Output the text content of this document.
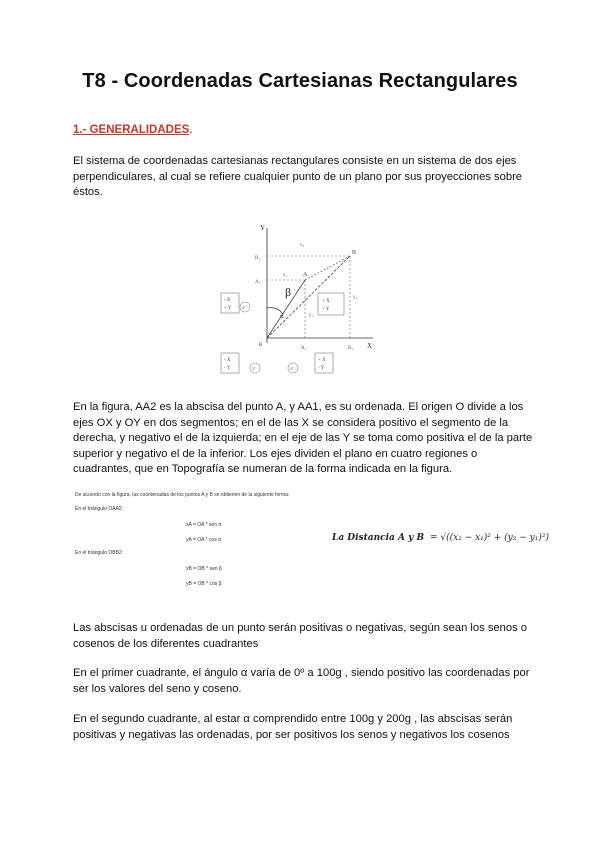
T8 - Coordenadas Cartesianas Rectangulares
1.- GENERALIDADES.
El sistema de coordenadas cartesianas rectangulares consiste en un sistema de dos ejes perpendiculares, al cual se refiere cualquier punto de un plano por sus proyecciones sobre éstos.
Y
X
β
α
B₁
A₁
A₂	B₂
B
A
B
x₂
x₁
y₂
y₁
+ X
+ Y
- X
+ Y	2°
- X
- Y	3°
+ X
- Y
4°
En la figura, AA2 es la abscisa del punto A, y AA1, es su ordenada. El origen O divide a los ejes OX y OY en dos segmentos; en el de las X se considera positivo el segmento de la derecha, y negativo el de la izquierda; en el eje de las Y se toma como positiva el de la parte superior y negativo el de la inferior. Los ejes dividen el plano en cuatro regiones o cuadrantes, que en Topografía se numeran de la forma indicada en la figura.
De acuerdo con la figura, las coordenadas de los puntos A y B se obtienen de la siguiente forma:
En el triángulo OAA2:
xA = OA * sen α
yA = OA * cos α
En el triángulo OBB2:
xB = OB * sen β
yB = OB * cos β
La Distancia A y B = √((x₂ − x₁)² + (y₂ − y₁)²)
Las abscisas u ordenadas de un punto serán positivas o negativas, según sean los senos o cosenos de los diferentes cuadrantes
En el primer cuadrante, el ángulo α varía de 0º a 100g , siendo positivo las coordenadas por ser los valores del seno y coseno.
En el segundo cuadrante, al estar α comprendido entre 100g y 200g , las abscisas serán positivas y negativas las ordenadas, por ser positivos los senos y negativos los cosenos
